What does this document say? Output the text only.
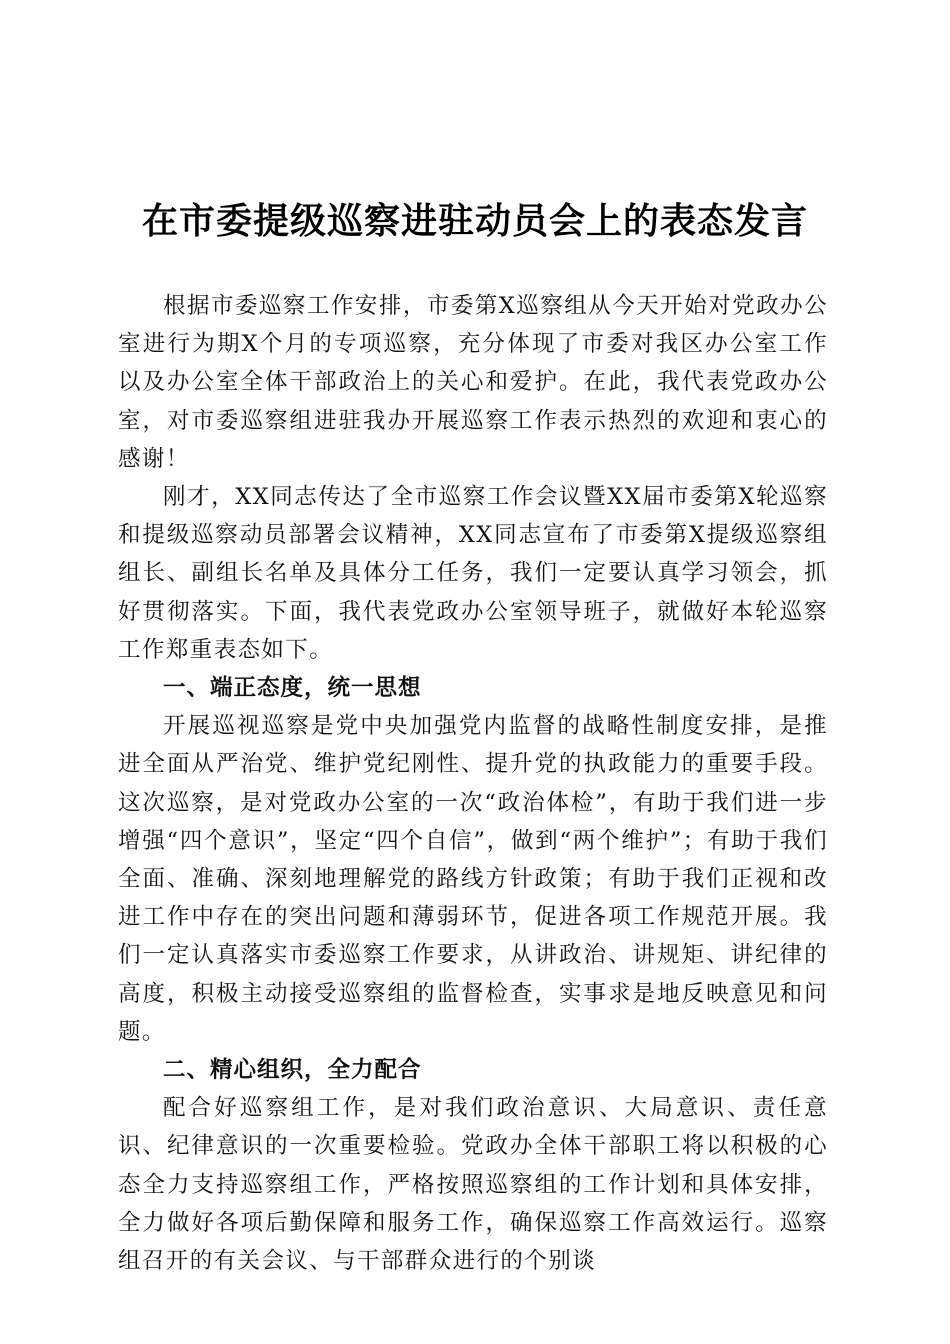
在市委提级巡察进驻动员会上的表态发言

根据市委巡察工作安排，市委第X巡察组从今天开始对党政办公室进行为期X个月的专项巡察，充分体现了市委对我区办公室工作以及办公室全体干部政治上的关心和爱护。在此，我代表党政办公室，对市委巡察组进驻我办开展巡察工作表示热烈的欢迎和衷心的感谢！

刚才，XX同志传达了全市巡察工作会议暨XX届市委第X轮巡察和提级巡察动员部署会议精神，XX同志宣布了市委第X提级巡察组组长、副组长名单及具体分工任务，我们一定要认真学习领会，抓好贯彻落实。下面，我代表党政办公室领导班子，就做好本轮巡察工作郑重表态如下。

一、端正态度，统一思想

开展巡视巡察是党中央加强党内监督的战略性制度安排，是推进全面从严治党、维护党纪刚性、提升党的执政能力的重要手段。这次巡察，是对党政办公室的一次“政治体检”，有助于我们进一步增强“四个意识”，坚定“四个自信”，做到“两个维护”；有助于我们全面、准确、深刻地理解党的路线方针政策；有助于我们正视和改进工作中存在的突出问题和薄弱环节，促进各项工作规范开展。我们一定认真落实市委巡察工作要求，从讲政治、讲规矩、讲纪律的高度，积极主动接受巡察组的监督检查，实事求是地反映意见和问题。

二、精心组织，全力配合

配合好巡察组工作，是对我们政治意识、大局意识、责任意识、纪律意识的一次重要检验。党政办全体干部职工将以积极的心态全力支持巡察组工作，严格按照巡察组的工作计划和具体安排，全力做好各项后勤保障和服务工作，确保巡察工作高效运行。巡察组召开的有关会议、与干部群众进行的个别谈
